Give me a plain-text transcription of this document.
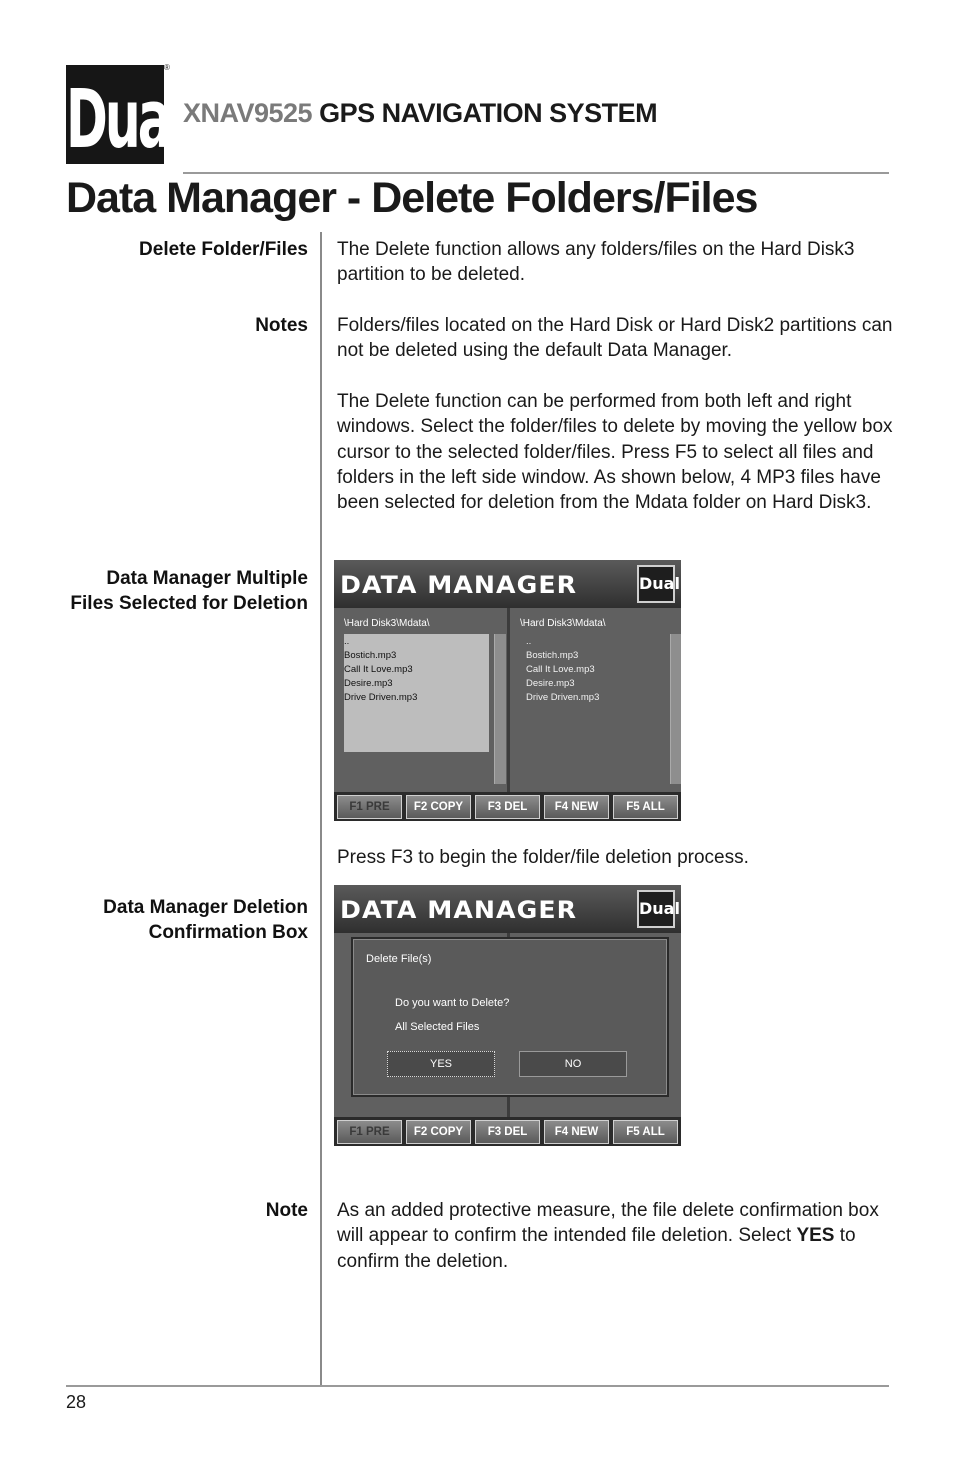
Dual
®
XNAV9525 GPS NAVIGATION SYSTEM
Data Manager - Delete Folders/Files
Delete Folder/Files The Delete function allows any folders/files on the Hard Disk3 partition to be deleted.
Notes Folders/files located on the Hard Disk or Hard Disk2 partitions can not be deleted using the default Data Manager.
The Delete function can be performed from both left and right windows. Select the folder/files to delete by moving the yellow box cursor to the selected folder/files. Press F5 to select all files and folders in the left side window. As shown below, 4 MP3 files have been selected for deletion from the Mdata folder on Hard Disk3.
Data Manager Multiple Files Selected for Deletion
DATA MANAGER	Dual
\Hard Disk3\Mdata\
..
Bostich.mp3
Call It Love.mp3
Desire.mp3
Drive Driven.mp3
\Hard Disk3\Mdata\
..
Bostich.mp3
Call It Love.mp3
Desire.mp3
Drive Driven.mp3
F1 PRE	F2 COPY	F3 DEL	F4 NEW	F5 ALL
Press F3 to begin the folder/file deletion process.
Data Manager Deletion Confirmation Box
DATA MANAGER	Dual
Delete File(s)
Do you want to Delete?
All Selected Files
YES	NO
F1 PRE	F2 COPY	F3 DEL	F4 NEW	F5 ALL
Note As an added protective measure, the file delete confirmation box will appear to confirm the intended file deletion. Select YES to confirm the deletion.
28
